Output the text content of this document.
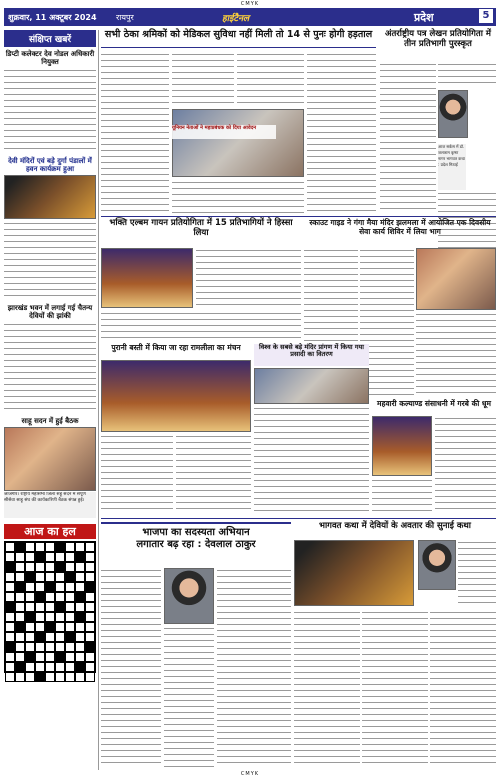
CMYK
शुक्रवार, 11 अक्टूबर 2024 रायपुर	हाईटैनल	प्रदेश	5
संक्षिप्त खबरें
डिप्टी कलेक्टर देव नोडल अधिकारी नियुक्त
देवी मंदिरों एवं बड़े दुर्गा पंडालों में हवन कार्यक्रम हुआ
झारखंड भवन में लगाई गई चैतन्य देवियों की झांकी
साहू सदन में हुई बैठक
जांजगीर। राष्ट्रीय महासभा जिला सहू सदन में संपूर्ण सीसेवा साहू संघ की कार्यकारिणी बैठक संपन्न हुई।
आज का हल
सभी ठेका श्रमिकों को मेडिकल सुविधा नहीं मिली तो 14 से पुनः होगी हड़ताल
यूनियन नेताओं ने महाप्रबंधक को दिया आवेदन
अंतर्राष्ट्रीय पत्र लेखन प्रतियोगिता में तीन प्रतिभागी पुरस्कृत
आज सर्कस में डॉ. जलाराम कृष्ण नागर भागवत कथा : प्रदेश मिठाई
भक्ति एल्बम गायन प्रतियोगिता में 15 प्रतिभागियों ने हिस्सा लिया
स्काउट गाइड ने गंगा मैया मंदिर झलमला में आयोजित एक दिवसीय सेवा कार्य शिविर में लिया भाग
पुरानी बस्ती में किया जा रहा रामलीला का मंचन	विश्व के सबसे बड़े मंदिर प्रांगण में किया गया प्रसादी का वितरण
महवारी कल्याण्ड संसाधनी में गरबे की धूम
भाजपा का सदस्यता अभियान
लगातार बढ़ रहा : देवलाल ठाकुर
भागवत कथा में देवियों के अवतार की सुनाई कथा
CMYK
